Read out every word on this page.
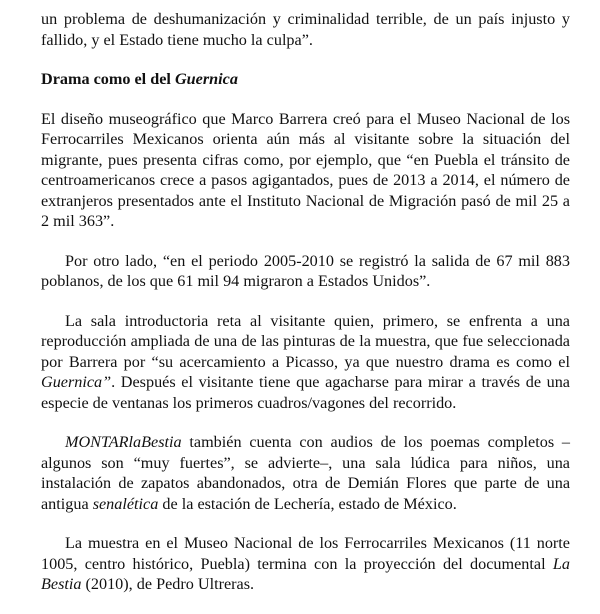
un problema de deshumanización y criminalidad terrible, de un país injusto y fallido, y el Estado tiene mucho la culpa”.

Drama como el del Guernica

El diseño museográfico que Marco Barrera creó para el Museo Nacional de los Ferrocarriles Mexicanos orienta aún más al visitante sobre la situación del migrante, pues presenta cifras como, por ejemplo, que “en Puebla el tránsito de centroamericanos crece a pasos agigantados, pues de 2013 a 2014, el número de extranjeros presentados ante el Instituto Nacional de Migración pasó de mil 25 a 2 mil 363”.

Por otro lado, “en el periodo 2005-2010 se registró la salida de 67 mil 883 poblanos, de los que 61 mil 94 migraron a Estados Unidos”.

La sala introductoria reta al visitante quien, primero, se enfrenta a una reproducción ampliada de una de las pinturas de la muestra, que fue seleccionada por Barrera por “su acercamiento a Picasso, ya que nuestro drama es como el Guernica”. Después el visitante tiene que agacharse para mirar a través de una especie de ventanas los primeros cuadros/vagones del recorrido.

MONTARlaBestia también cuenta con audios de los poemas completos –algunos son “muy fuertes”, se advierte–, una sala lúdica para niños, una instalación de zapatos abandonados, otra de Demián Flores que parte de una antigua senalética de la estación de Lechería, estado de México.

La muestra en el Museo Nacional de los Ferrocarriles Mexicanos (11 norte 1005, centro histórico, Puebla) termina con la proyección del documental La Bestia (2010), de Pedro Ultreras.
